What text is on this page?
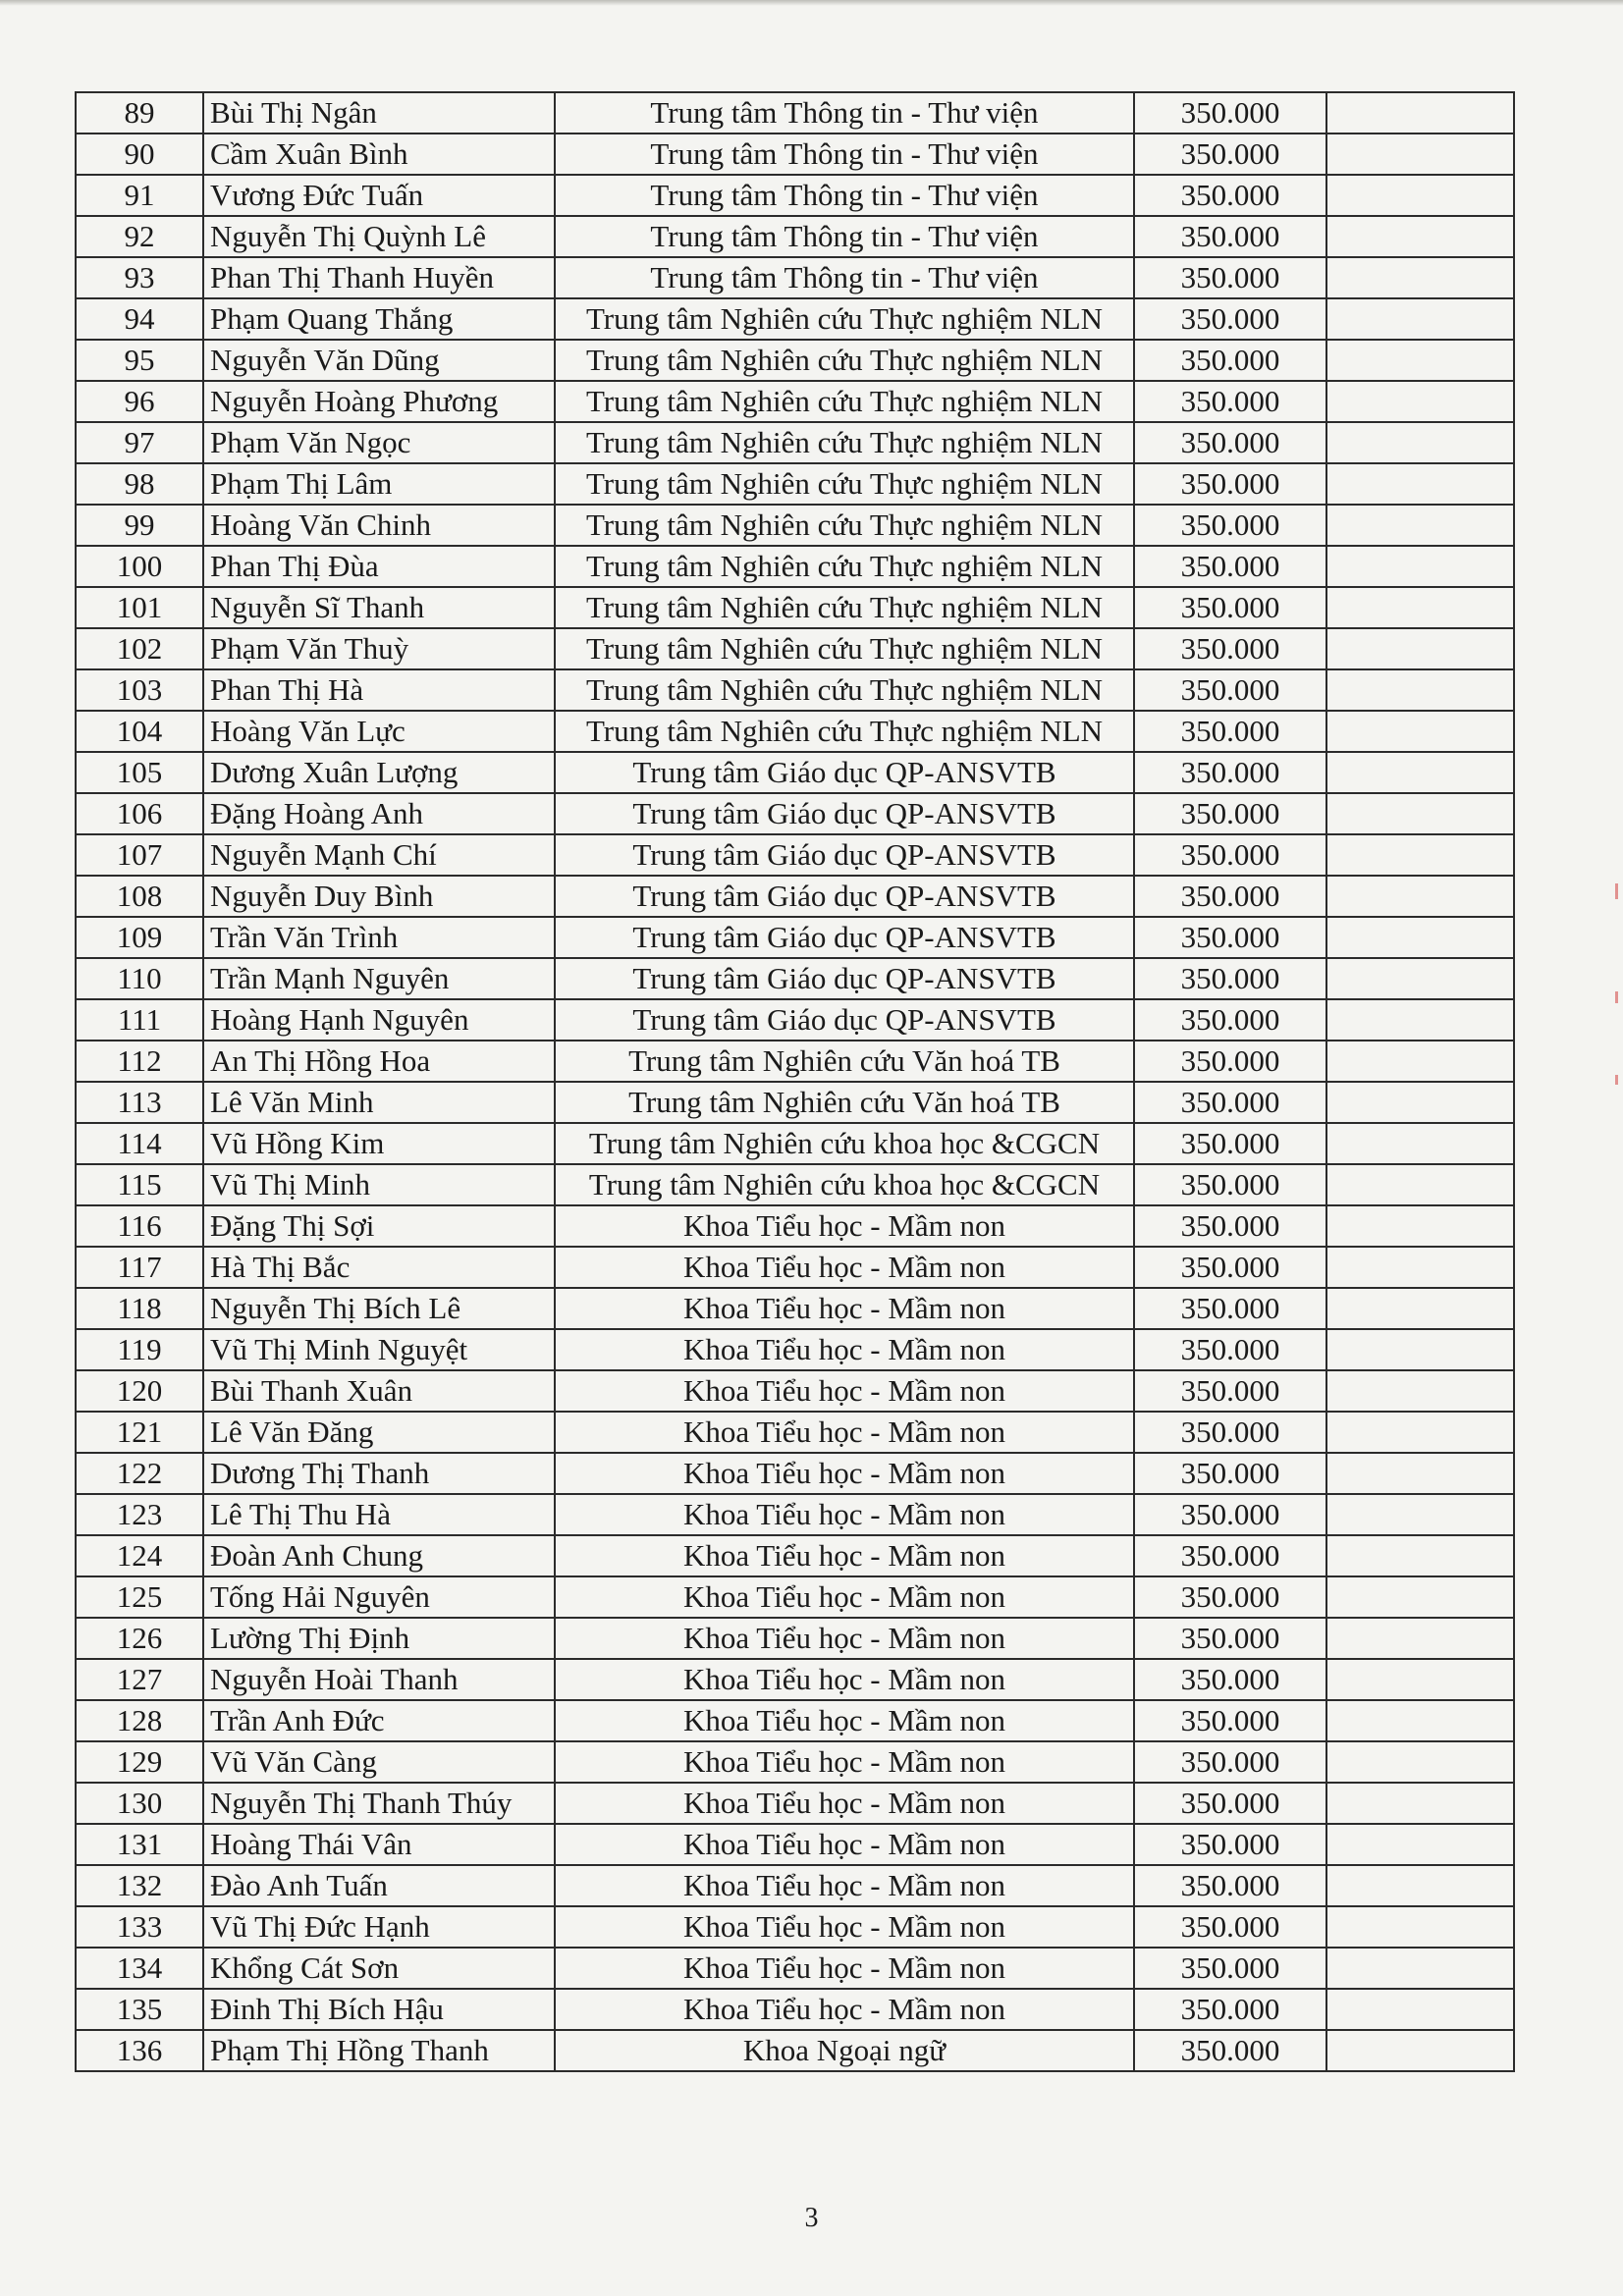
89	Bùi Thị Ngân	Trung tâm Thông tin - Thư viện	350.000	
90	Cầm Xuân Bình	Trung tâm Thông tin - Thư viện	350.000	
91	Vương Đức Tuấn	Trung tâm Thông tin - Thư viện	350.000	
92	Nguyễn Thị Quỳnh Lê	Trung tâm Thông tin - Thư viện	350.000	
93	Phan Thị Thanh Huyền	Trung tâm Thông tin - Thư viện	350.000	
94	Phạm Quang Thắng	Trung tâm Nghiên cứu Thực nghiệm NLN	350.000	
95	Nguyễn Văn Dũng	Trung tâm Nghiên cứu Thực nghiệm NLN	350.000	
96	Nguyễn Hoàng Phương	Trung tâm Nghiên cứu Thực nghiệm NLN	350.000	
97	Phạm Văn Ngọc	Trung tâm Nghiên cứu Thực nghiệm NLN	350.000	
98	Phạm Thị Lâm	Trung tâm Nghiên cứu Thực nghiệm NLN	350.000	
99	Hoàng Văn Chinh	Trung tâm Nghiên cứu Thực nghiệm NLN	350.000	
100	Phan Thị Đùa	Trung tâm Nghiên cứu Thực nghiệm NLN	350.000	
101	Nguyễn Sĩ Thanh	Trung tâm Nghiên cứu Thực nghiệm NLN	350.000	
102	Phạm Văn Thuỳ	Trung tâm Nghiên cứu Thực nghiệm NLN	350.000	
103	Phan Thị Hà	Trung tâm Nghiên cứu Thực nghiệm NLN	350.000	
104	Hoàng Văn Lực	Trung tâm Nghiên cứu Thực nghiệm NLN	350.000	
105	Dương Xuân Lượng	Trung tâm Giáo dục QP-ANSVTB	350.000	
106	Đặng Hoàng Anh	Trung tâm Giáo dục QP-ANSVTB	350.000	
107	Nguyễn Mạnh Chí	Trung tâm Giáo dục QP-ANSVTB	350.000	
108	Nguyễn Duy Bình	Trung tâm Giáo dục QP-ANSVTB	350.000	
109	Trần Văn Trình	Trung tâm Giáo dục QP-ANSVTB	350.000	
110	Trần Mạnh Nguyên	Trung tâm Giáo dục QP-ANSVTB	350.000	
111	Hoàng Hạnh Nguyên	Trung tâm Giáo dục QP-ANSVTB	350.000	
112	An Thị Hồng Hoa	Trung tâm Nghiên cứu Văn hoá TB	350.000	
113	Lê Văn Minh	Trung tâm Nghiên cứu Văn hoá TB	350.000	
114	Vũ Hồng Kim	Trung tâm Nghiên cứu khoa học &CGCN	350.000	
115	Vũ Thị Minh	Trung tâm Nghiên cứu khoa học &CGCN	350.000	
116	Đặng Thị Sợi	Khoa Tiểu học - Mầm non	350.000	
117	Hà Thị Bắc	Khoa Tiểu học - Mầm non	350.000	
118	Nguyễn Thị Bích Lê	Khoa Tiểu học - Mầm non	350.000	
119	Vũ Thị Minh Nguyệt	Khoa Tiểu học - Mầm non	350.000	
120	Bùi Thanh Xuân	Khoa Tiểu học - Mầm non	350.000	
121	Lê Văn Đăng	Khoa Tiểu học - Mầm non	350.000	
122	Dương Thị Thanh	Khoa Tiểu học - Mầm non	350.000	
123	Lê Thị Thu Hà	Khoa Tiểu học - Mầm non	350.000	
124	Đoàn Anh Chung	Khoa Tiểu học - Mầm non	350.000	
125	Tống Hải Nguyên	Khoa Tiểu học - Mầm non	350.000	
126	Lường Thị Định	Khoa Tiểu học - Mầm non	350.000	
127	Nguyễn Hoài Thanh	Khoa Tiểu học - Mầm non	350.000	
128	Trần Anh Đức	Khoa Tiểu học - Mầm non	350.000	
129	Vũ Văn Càng	Khoa Tiểu học - Mầm non	350.000	
130	Nguyễn Thị Thanh Thúy	Khoa Tiểu học - Mầm non	350.000	
131	Hoàng Thái Vân	Khoa Tiểu học - Mầm non	350.000	
132	Đào Anh Tuấn	Khoa Tiểu học - Mầm non	350.000	
133	Vũ Thị Đức Hạnh	Khoa Tiểu học - Mầm non	350.000	
134	Khổng Cát Sơn	Khoa Tiểu học - Mầm non	350.000	
135	Đinh Thị Bích Hậu	Khoa Tiểu học - Mầm non	350.000	
136	Phạm Thị Hồng Thanh	Khoa Ngoại ngữ	350.000	
3
